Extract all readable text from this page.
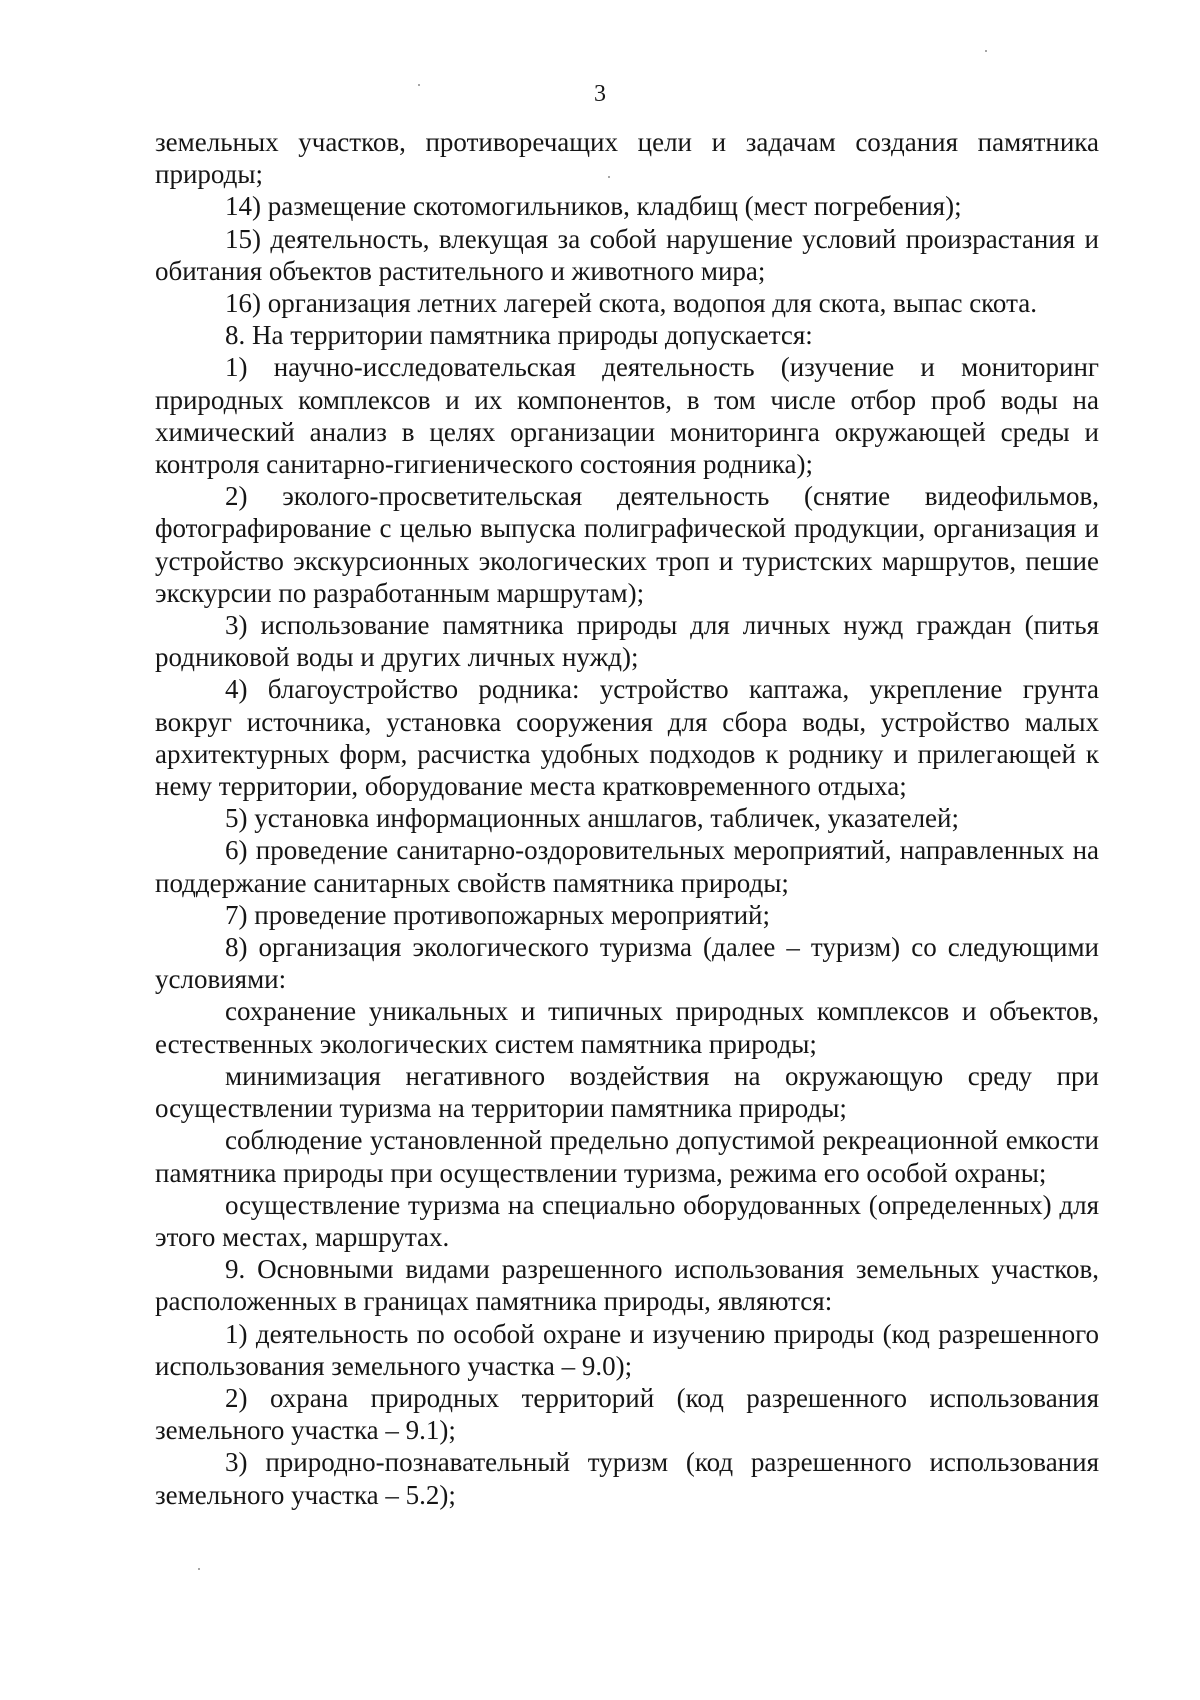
3

земельных участков, противоречащих цели и задачам создания памятника природы;

14) размещение скотомогильников, кладбищ (мест погребения);

15) деятельность, влекущая за собой нарушение условий произрастания и обитания объектов растительного и животного мира;

16) организация летних лагерей скота, водопоя для скота, выпас скота.

8. На территории памятника природы допускается:

1) научно-исследовательская деятельность (изучение и мониторинг природных комплексов и их компонентов, в том числе отбор проб воды на химический анализ в целях организации мониторинга окружающей среды и контроля санитарно-гигиенического состояния родника);

2) эколого-просветительская деятельность (снятие видеофильмов, фотографирование с целью выпуска полиграфической продукции, организация и устройство экскурсионных экологических троп и туристских маршрутов, пешие экскурсии по разработанным маршрутам);

3) использование памятника природы для личных нужд граждан (питья родниковой воды и других личных нужд);

4) благоустройство родника: устройство каптажа, укрепление грунта вокруг источника, установка сооружения для сбора воды, устройство малых архитектурных форм, расчистка удобных подходов к роднику и прилегающей к нему территории, оборудование места кратковременного отдыха;

5) установка информационных аншлагов, табличек, указателей;

6) проведение санитарно-оздоровительных мероприятий, направленных на поддержание санитарных свойств памятника природы;

7) проведение противопожарных мероприятий;

8) организация экологического туризма (далее – туризм) со следующими условиями:

сохранение уникальных и типичных природных комплексов и объектов, естественных экологических систем памятника природы;

минимизация негативного воздействия на окружающую среду при осуществлении туризма на территории памятника природы;

соблюдение установленной предельно допустимой рекреационной емкости памятника природы при осуществлении туризма, режима его особой охраны;

осуществление туризма на специально оборудованных (определенных) для этого местах, маршрутах.

9. Основными видами разрешенного использования земельных участков, расположенных в границах памятника природы, являются:

1) деятельность по особой охране и изучению природы (код разрешенного использования земельного участка – 9.0);

2) охрана природных территорий (код разрешенного использования земельного участка – 9.1);

3) природно-познавательный туризм (код разрешенного использования земельного участка – 5.2);
